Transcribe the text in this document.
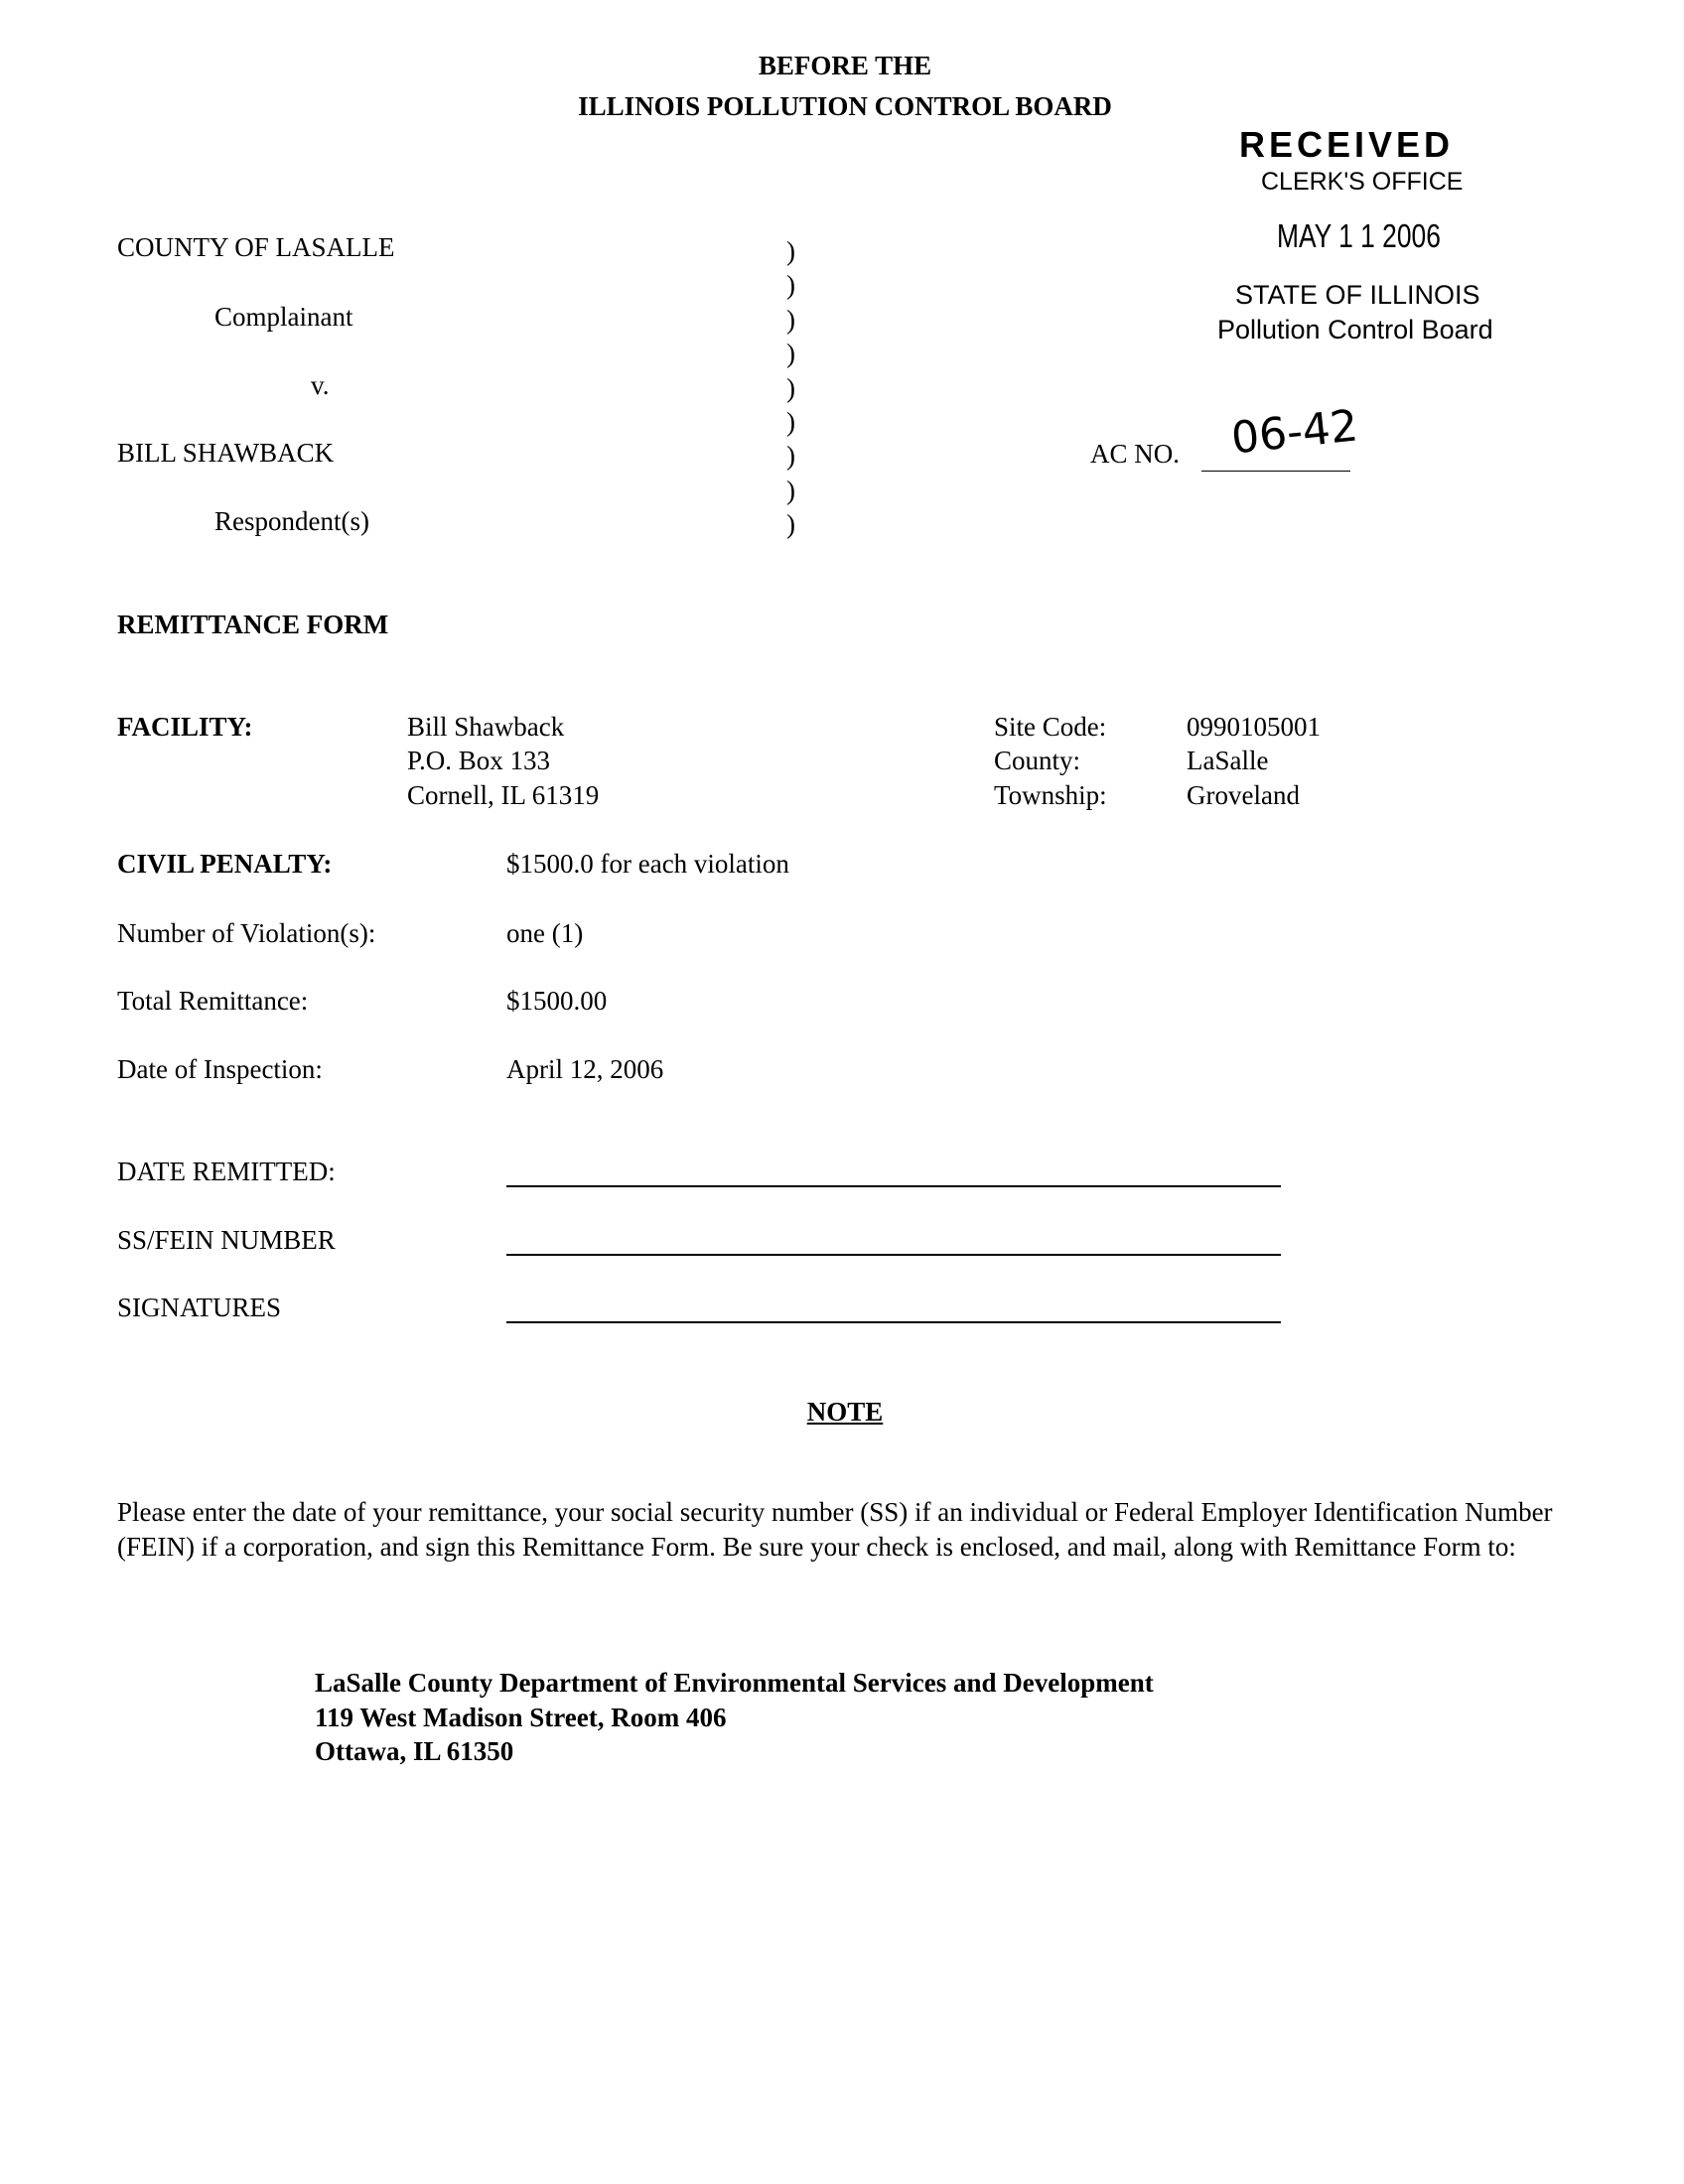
BEFORE THE
ILLINOIS POLLUTION CONTROL BOARD
RECEIVED
CLERK'S OFFICE
MAY 1 1 2006
STATE OF ILLINOIS
Pollution Control Board
COUNTY OF LASALLE
Complainant
v.
BILL SHAWBACK
Respondent(s)
)
)
)
)
)
)
)
)
)
AC NO. 06-42
REMITTANCE FORM
FACILITY:	Bill Shawback
P.O. Box 133
Cornell, IL 61319
Site Code:	0990105001
County:	LaSalle
Township:	Groveland
CIVIL PENALTY:	$1500.0 for each violation
Number of Violation(s):	one (1)
Total Remittance:	$1500.00
Date of Inspection:	April 12, 2006
DATE REMITTED:
SS/FEIN NUMBER
SIGNATURES
NOTE

Please enter the date of your remittance, your social security number (SS) if an individual or Federal Employer Identification Number (FEIN) if a corporation, and sign this Remittance Form. Be sure your check is enclosed, and mail, along with Remittance Form to:

LaSalle County Department of Environmental Services and Development
119 West Madison Street, Room 406
Ottawa, IL 61350
